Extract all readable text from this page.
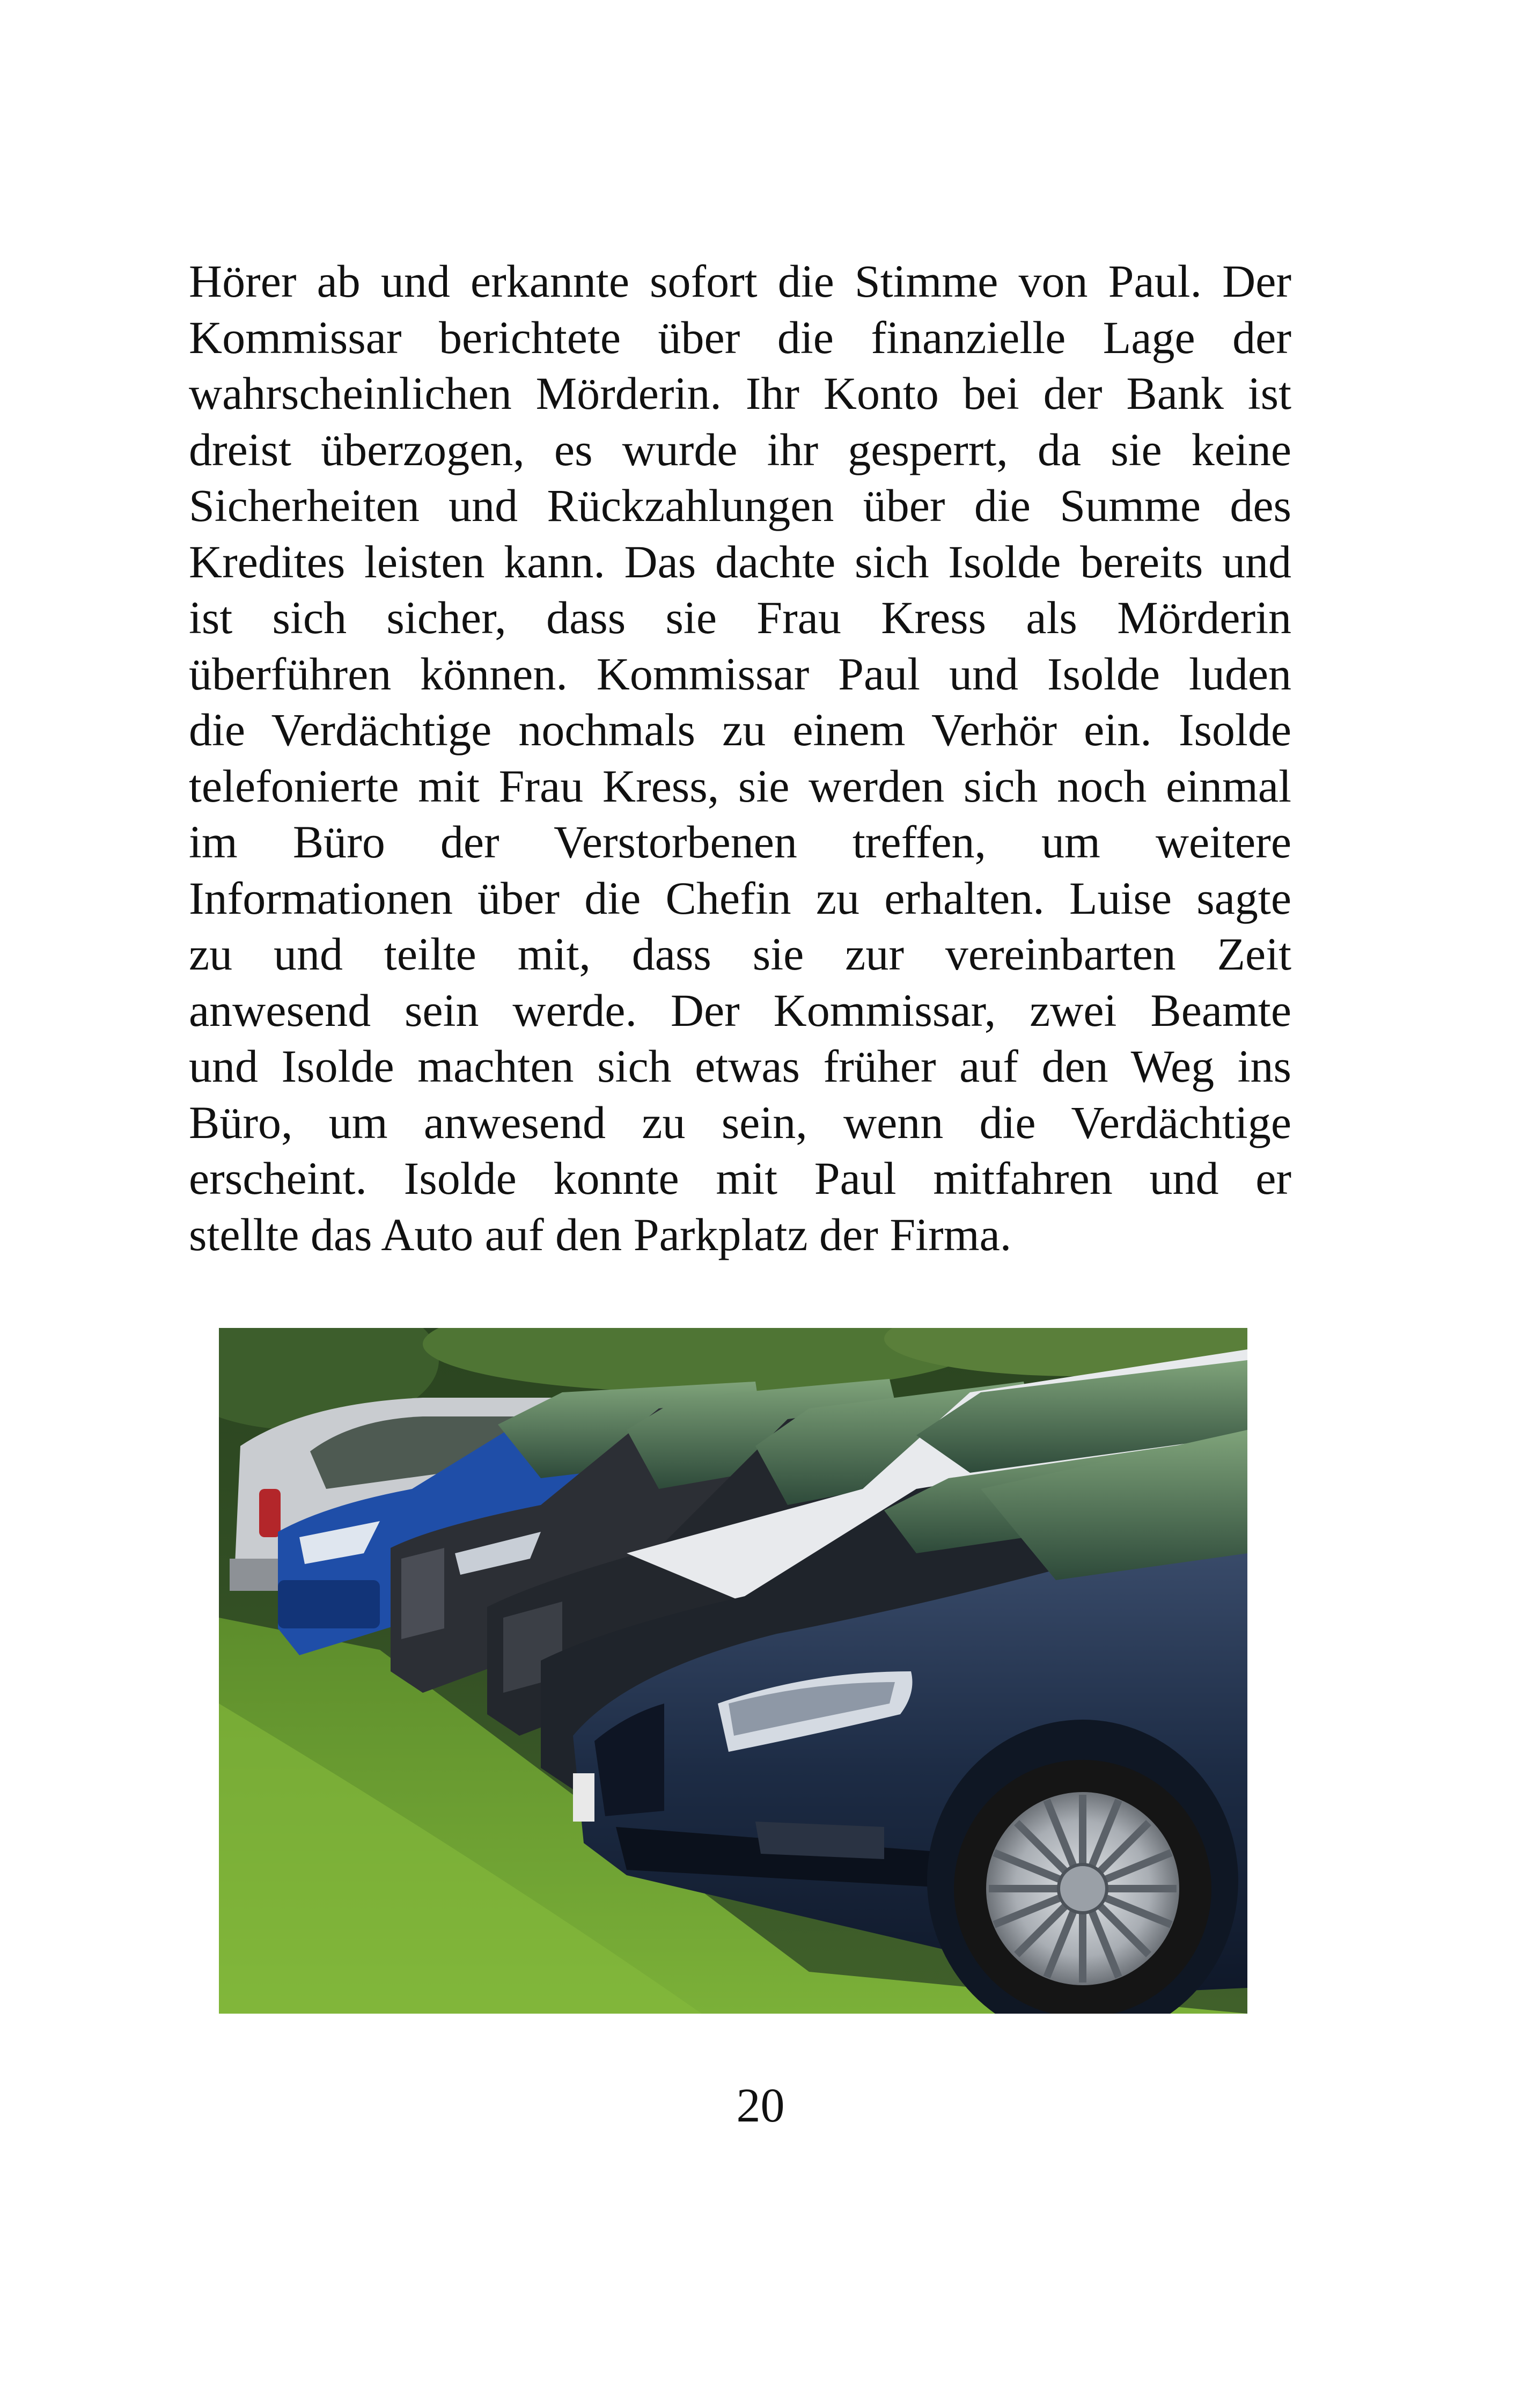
Hörer ab und erkannte sofort die Stimme von Paul. Der
Kommissar berichtete über die finanzielle Lage der
wahrscheinlichen Mörderin. Ihr Konto bei der Bank ist
dreist überzogen, es wurde ihr gesperrt, da sie keine
Sicherheiten und Rückzahlungen über die Summe des
Kredites leisten kann. Das dachte sich Isolde bereits und
ist sich sicher, dass sie Frau Kress als Mörderin
überführen können. Kommissar Paul und Isolde luden
die Verdächtige nochmals zu einem Verhör ein. Isolde
telefonierte mit Frau Kress, sie werden sich noch einmal
im Büro der Verstorbenen treffen, um weitere
Informationen über die Chefin zu erhalten. Luise sagte
zu und teilte mit, dass sie zur vereinbarten Zeit
anwesend sein werde. Der Kommissar, zwei Beamte
und Isolde machten sich etwas früher auf den Weg ins
Büro, um anwesend zu sein, wenn die Verdächtige
erscheint. Isolde konnte mit Paul mitfahren und er
stellte das Auto auf den Parkplatz der Firma.
20
